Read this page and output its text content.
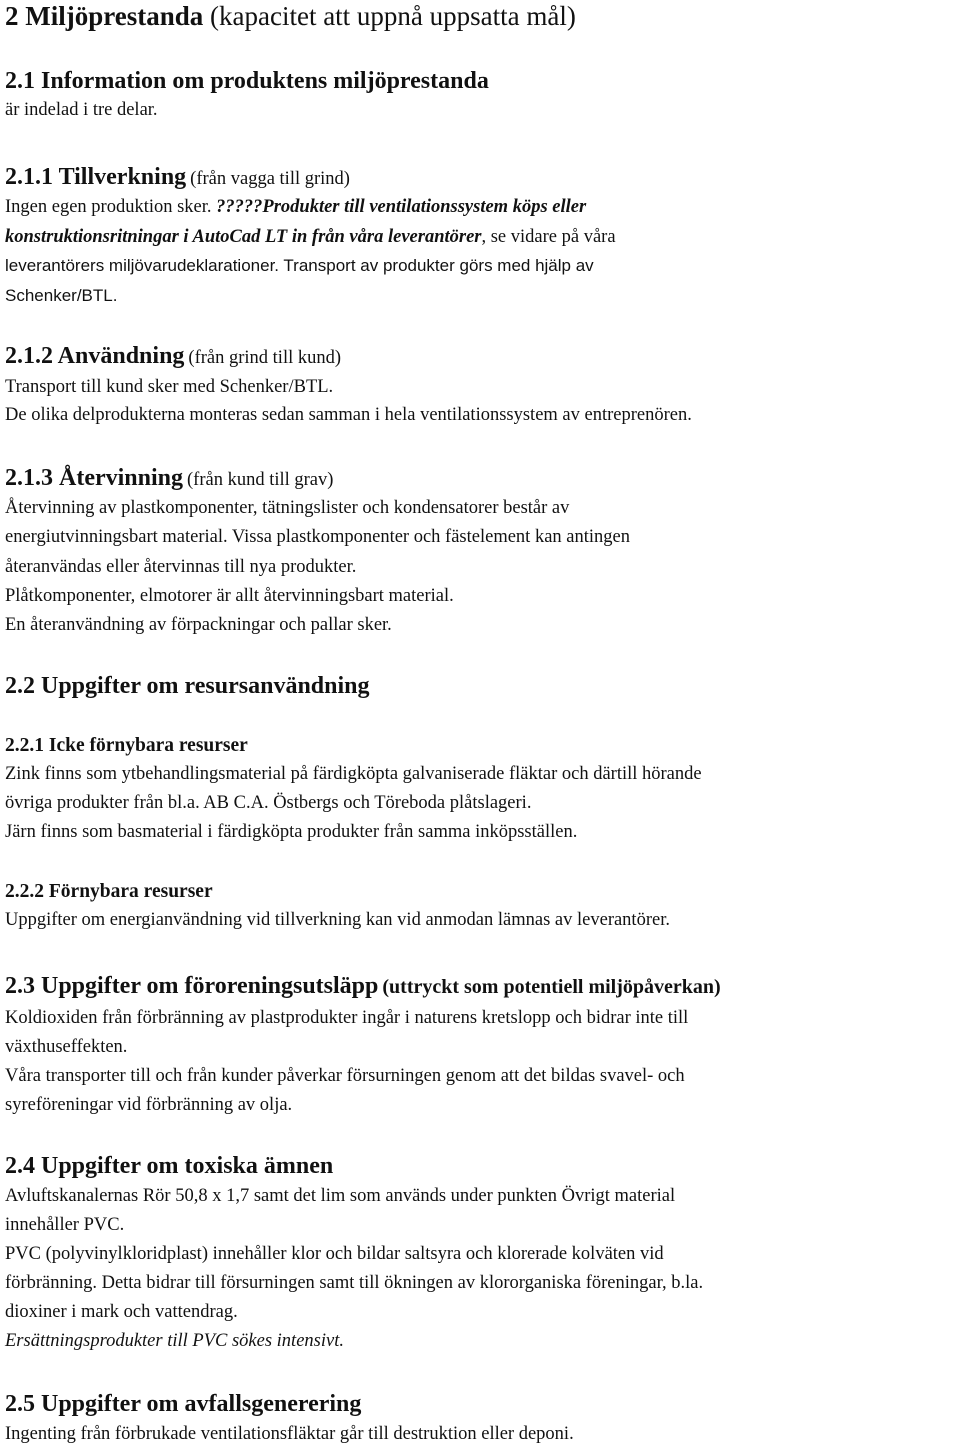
2 Miljöprestanda (kapacitet att uppnå uppsatta mål)
2.1 Information om produktens miljöprestanda
är indelad i tre delar.
2.1.1 Tillverkning (från vagga till grind)
Ingen egen produktion sker. ?????Produkter till ventilationssystem köps eller
konstruktionsritningar i AutoCad LT in från våra leverantörer, se vidare på våra
leverantörers miljövarudeklarationer. Transport av produkter görs med hjälp av
Schenker/BTL.
2.1.2 Användning (från grind till kund)
Transport till kund sker med Schenker/BTL.
De olika delprodukterna monteras sedan samman i hela ventilationssystem av entreprenören.
2.1.3 Återvinning (från kund till grav)
Återvinning av plastkomponenter, tätningslister och kondensatorer består av
energiutvinningsbart material. Vissa plastkomponenter och fästelement kan antingen
återanvändas eller återvinnas till nya produkter.
Plåtkomponenter, elmotorer är allt återvinningsbart material.
En återanvändning av förpackningar och pallar sker.
2.2 Uppgifter om resursanvändning
2.2.1 Icke förnybara resurser
Zink finns som ytbehandlingsmaterial på färdigköpta galvaniserade fläktar och därtill hörande
övriga produkter från bl.a. AB C.A. Östbergs och Töreboda plåtslageri.
Järn finns som basmaterial i färdigköpta produkter från samma inköpsställen.
2.2.2 Förnybara resurser
Uppgifter om energianvändning vid tillverkning kan vid anmodan lämnas av leverantörer.
2.3 Uppgifter om föroreningsutsläpp (uttryckt som potentiell miljöpåverkan)
Koldioxiden från förbränning av plastprodukter ingår i naturens kretslopp och bidrar inte till
växthuseffekten.
Våra transporter till och från kunder påverkar försurningen genom att det bildas svavel- och
syreföreningar vid förbränning av olja.
2.4 Uppgifter om toxiska ämnen
Avluftskanalernas Rör 50,8 x 1,7 samt det lim som används under punkten Övrigt material
innehåller PVC.
PVC (polyvinylkloridplast) innehåller klor och bildar saltsyra och klorerade kolväten vid
förbränning. Detta bidrar till försurningen samt till ökningen av klororganiska föreningar, b.la.
dioxiner i mark och vattendrag.
Ersättningsprodukter till PVC sökes intensivt.
2.5 Uppgifter om avfallsgenerering
Ingenting från förbrukade ventilationsfläktar går till destruktion eller deponi.
